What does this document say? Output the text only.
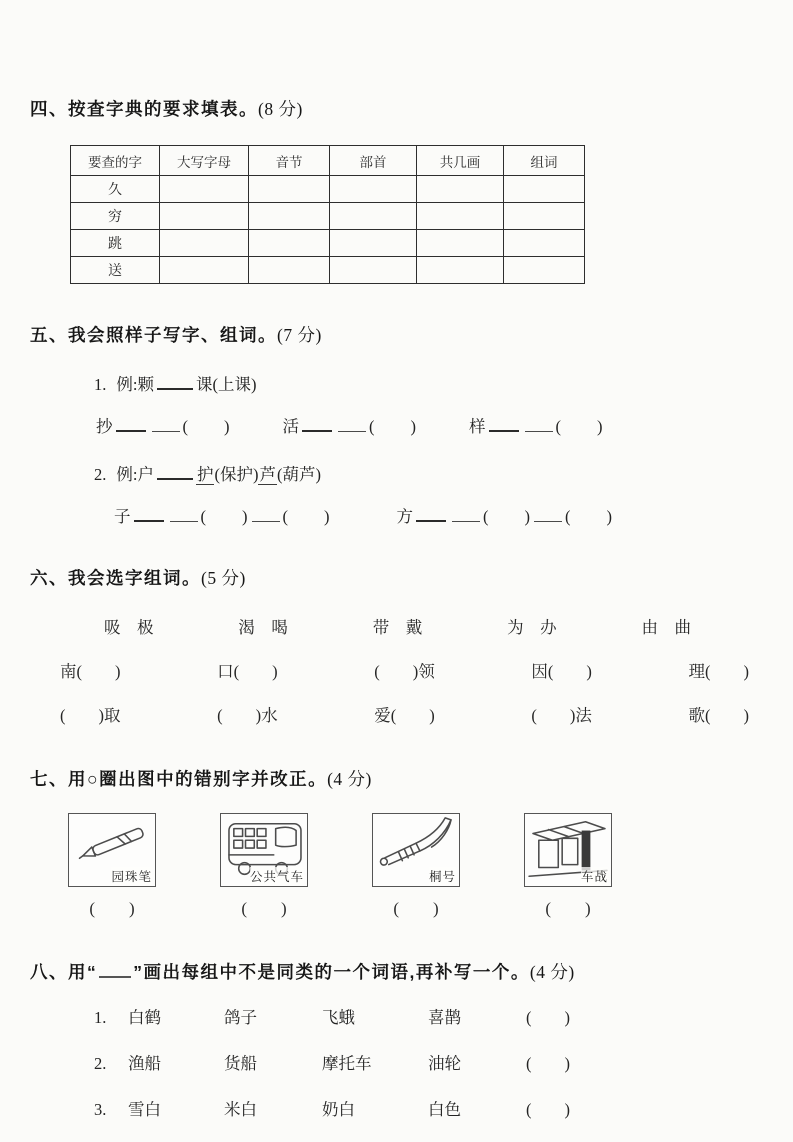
四、按查字典的要求填表。(8 分)
要查的字	大写字母	音节	部首	共几画	组词
久					
穷					
跳					
送					
五、我会照样子写字、组词。(7 分)
1. 例:颗	课(上课)
抄	(　　)	活	(　　)	样	(　　)
2. 例:户	护(保护)芦(葫芦)
子	(　　) (　　)	方	(　　) (　　)
六、我会选字组词。(5 分)
吸　极	渴　喝	带　戴	为　办	由　曲
南(　　)	口(　　)	(　　)领	因(　　)	理(　　)
(　　)取	(　　)水	爱(　　)	(　　)法	歌(　　)
七、用○圈出图中的错别字并改正。(4 分)
园珠笔
(　　)
公共气车
(　　)
桐号
(　　)
车战
(　　)
八、用“ ”画出每组中不是同类的一个词语,再补写一个。(4 分)
1.	白鹤	鸽子	飞蛾	喜鹊	(　　)
2.	渔船	货船	摩托车	油轮	(　　)
3.	雪白	米白	奶白	白色	(　　)
